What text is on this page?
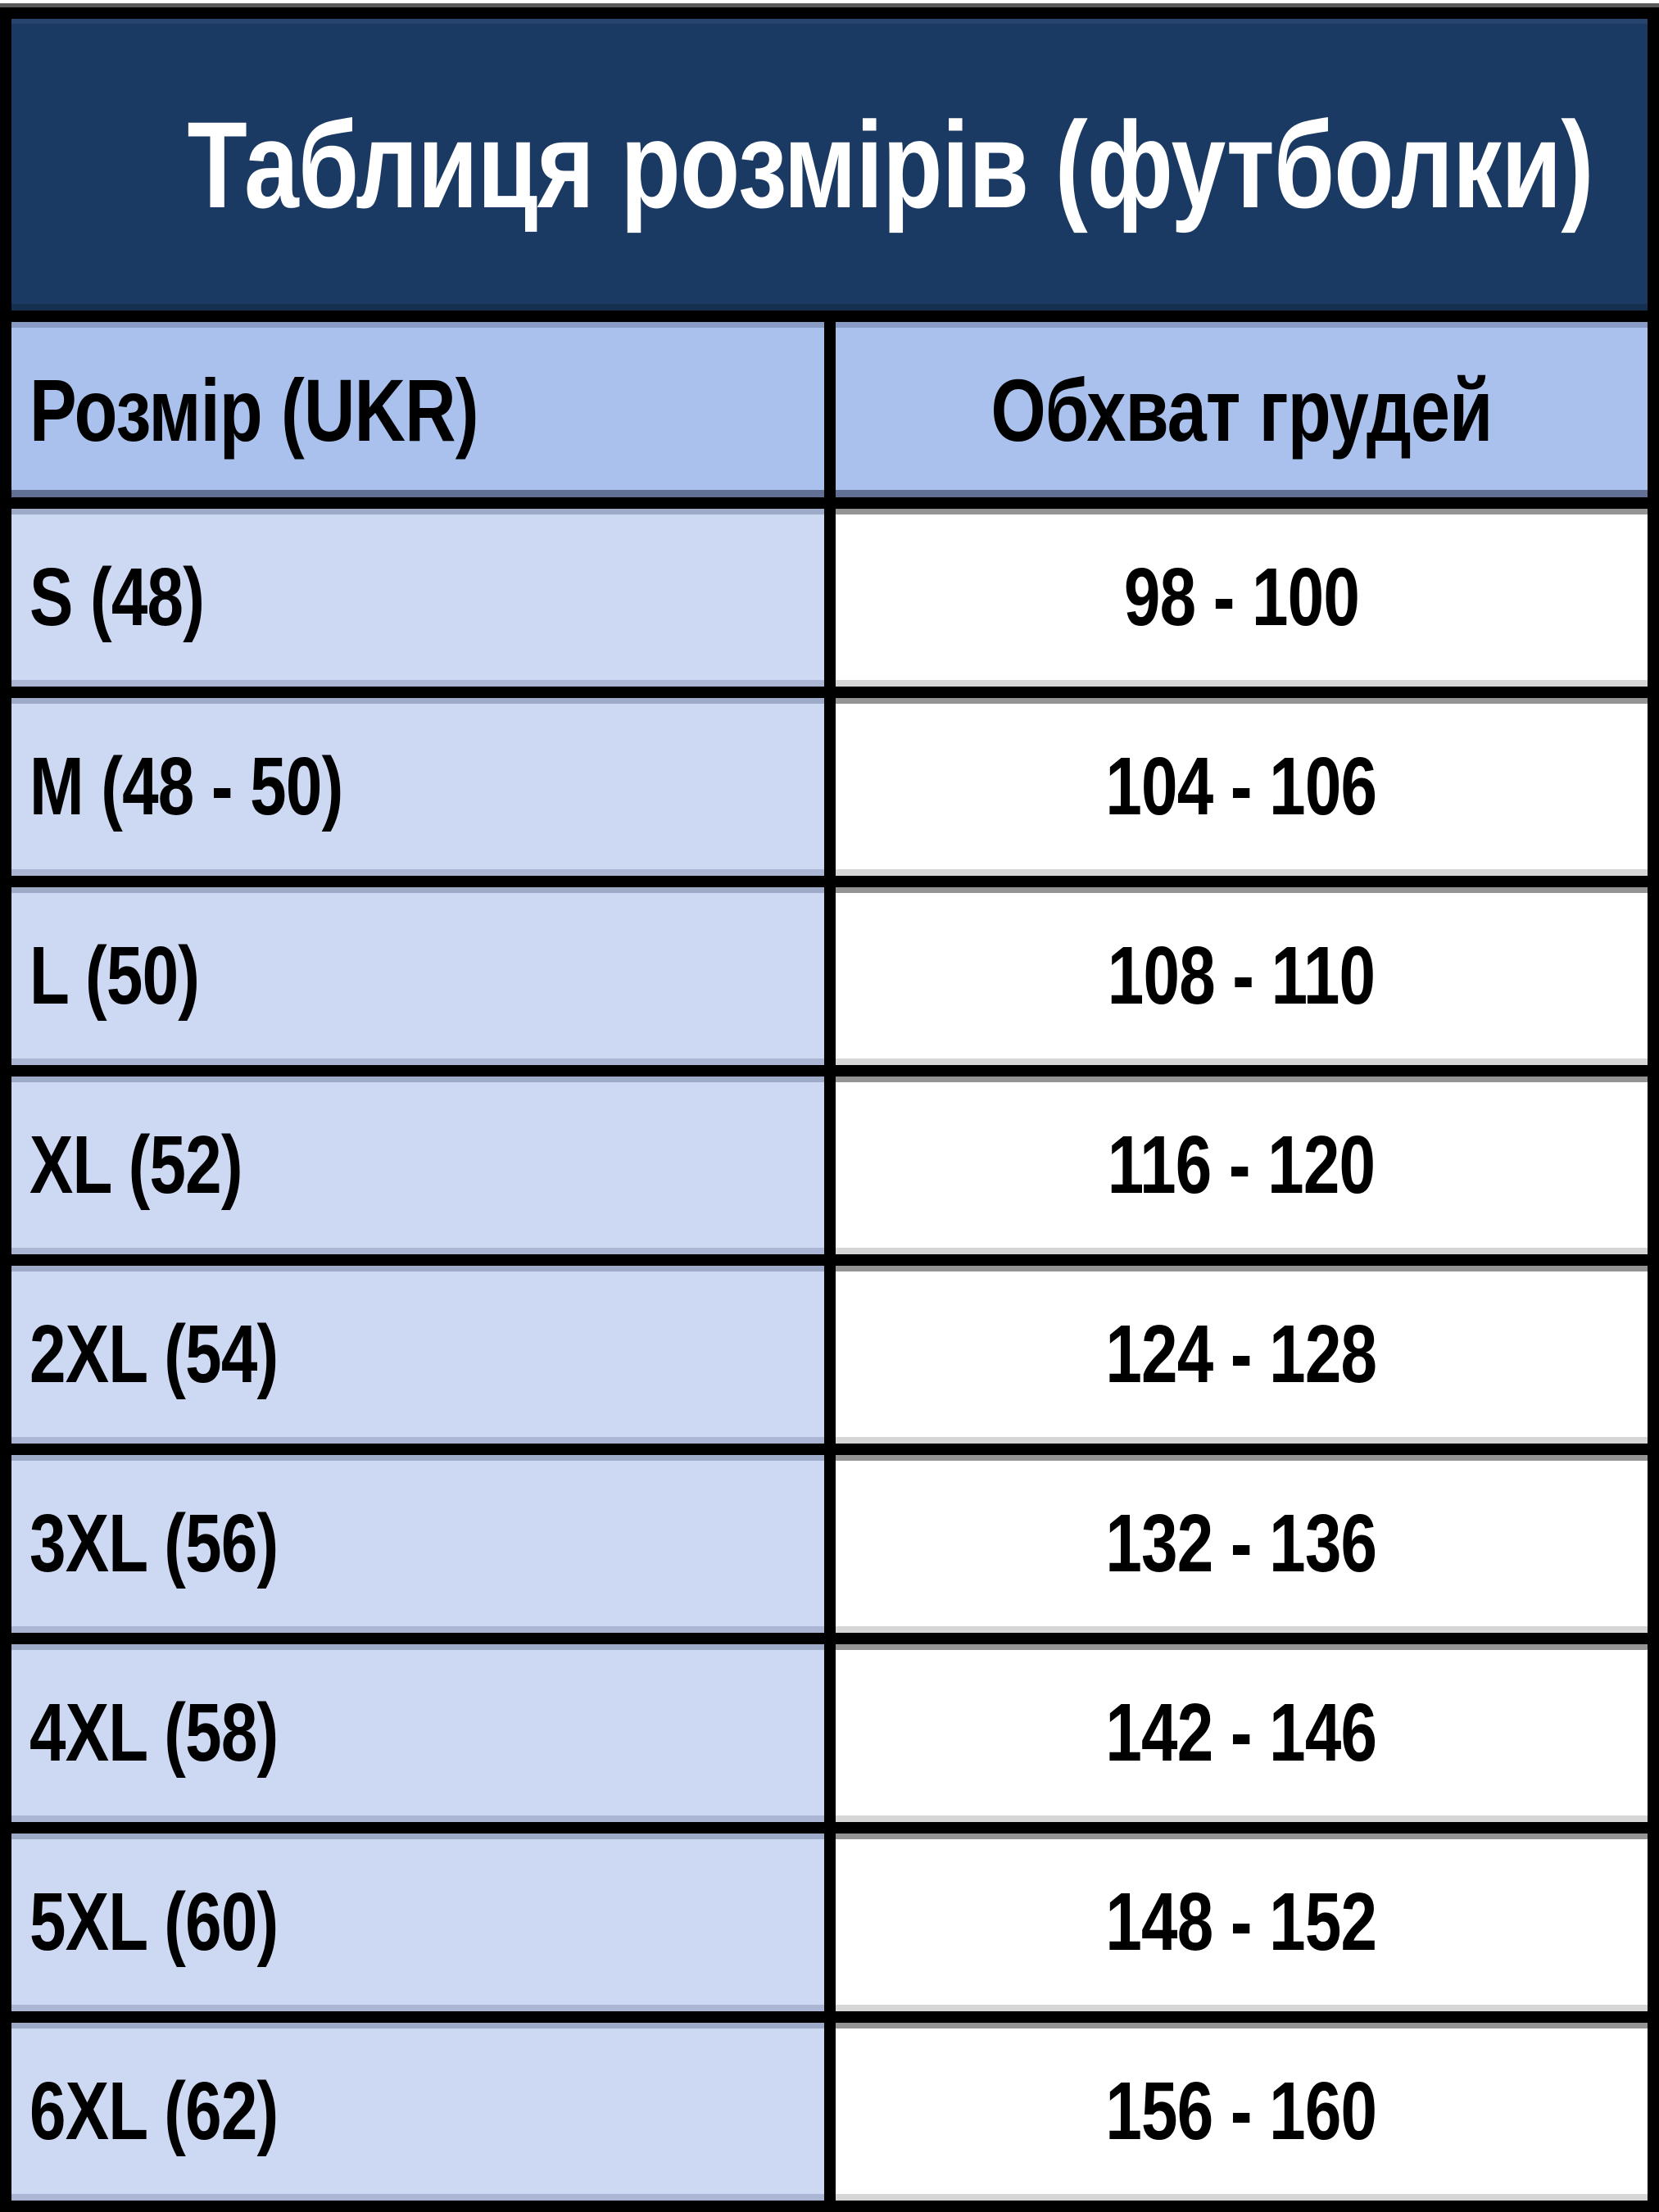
Таблиця розмірів (футболки)	
Розмір (UKR)	Обхват грудей
S (48)	98 - 100
M (48 - 50)	104 - 106
L (50)	108 - 110
XL (52)	116 - 120
2XL (54)	124 - 128
3XL (56)	132 - 136
4XL (58)	142 - 146
5XL (60)	148 - 152
6XL (62)	156 - 160
